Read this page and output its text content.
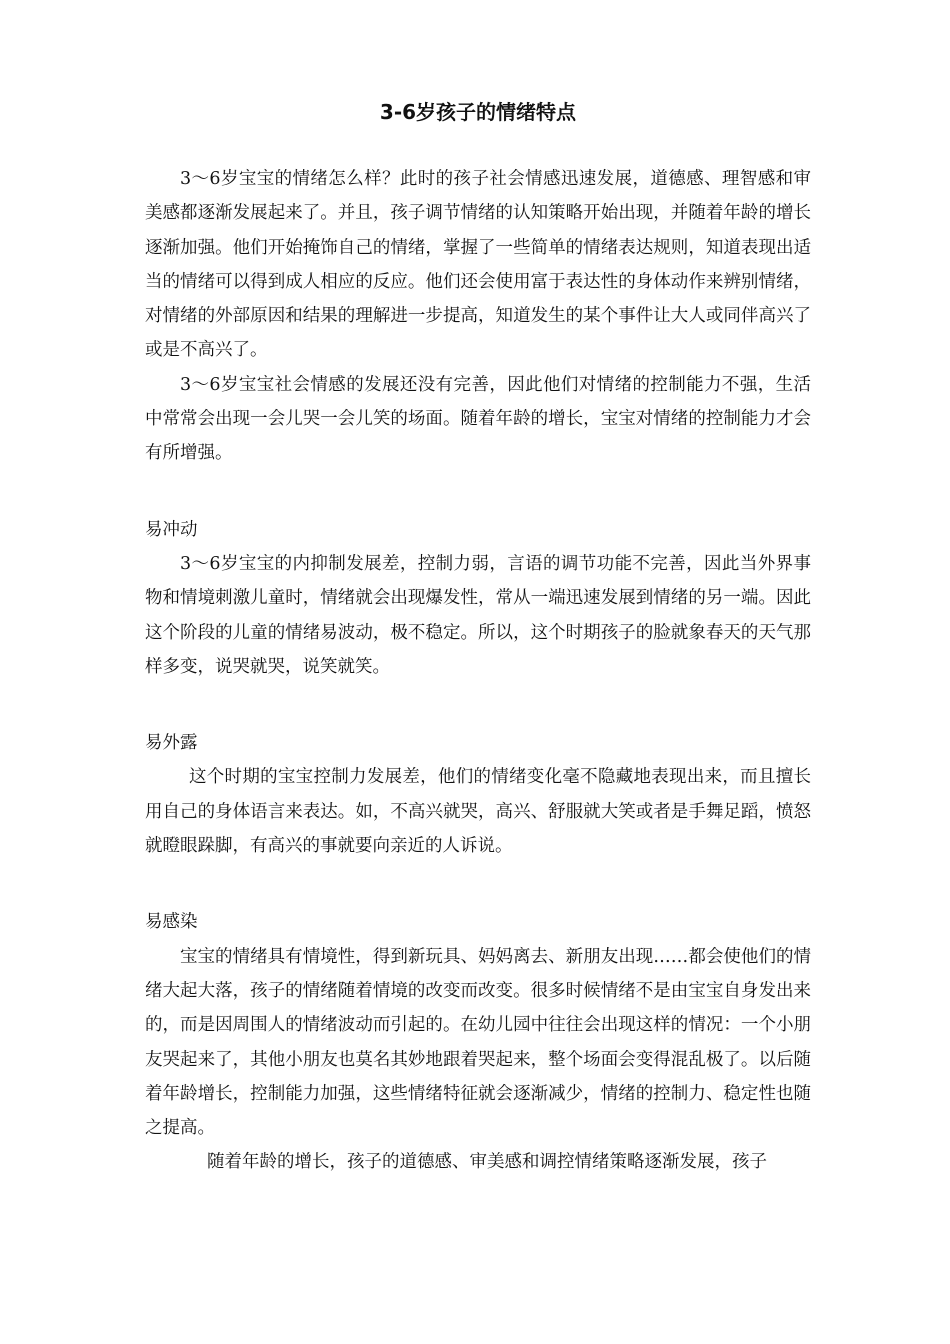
3-6岁孩子的情绪特点

3～6岁宝宝的情绪怎么样？此时的孩子社会情感迅速发展，道德感、理智感和审美感都逐渐发展起来了。并且，孩子调节情绪的认知策略开始出现，并随着年龄的增长逐渐加强。他们开始掩饰自己的情绪，掌握了一些简单的情绪表达规则，知道表现出适当的情绪可以得到成人相应的反应。他们还会使用富于表达性的身体动作来辨别情绪，对情绪的外部原因和结果的理解进一步提高，知道发生的某个事件让大人或同伴高兴了或是不高兴了。

3～6岁宝宝社会情感的发展还没有完善，因此他们对情绪的控制能力不强，生活中常常会出现一会儿哭一会儿笑的场面。随着年龄的增长，宝宝对情绪的控制能力才会有所增强。

易冲动

3～6岁宝宝的内抑制发展差，控制力弱，言语的调节功能不完善，因此当外界事物和情境刺激儿童时，情绪就会出现爆发性，常从一端迅速发展到情绪的另一端。因此这个阶段的儿童的情绪易波动，极不稳定。所以，这个时期孩子的脸就象春天的天气那样多变，说哭就哭，说笑就笑。

易外露

这个时期的宝宝控制力发展差，他们的情绪变化毫不隐藏地表现出来，而且擅长用自己的身体语言来表达。如，不高兴就哭，高兴、舒服就大笑或者是手舞足蹈，愤怒就瞪眼跺脚，有高兴的事就要向亲近的人诉说。

易感染

宝宝的情绪具有情境性，得到新玩具、妈妈离去、新朋友出现……都会使他们的情绪大起大落，孩子的情绪随着情境的改变而改变。很多时候情绪不是由宝宝自身发出来的，而是因周围人的情绪波动而引起的。在幼儿园中往往会出现这样的情况：一个小朋友哭起来了，其他小朋友也莫名其妙地跟着哭起来，整个场面会变得混乱极了。以后随着年龄增长，控制能力加强，这些情绪特征就会逐渐减少，情绪的控制力、稳定性也随之提高。

随着年龄的增长，孩子的道德感、审美感和调控情绪策略逐渐发展，孩子
